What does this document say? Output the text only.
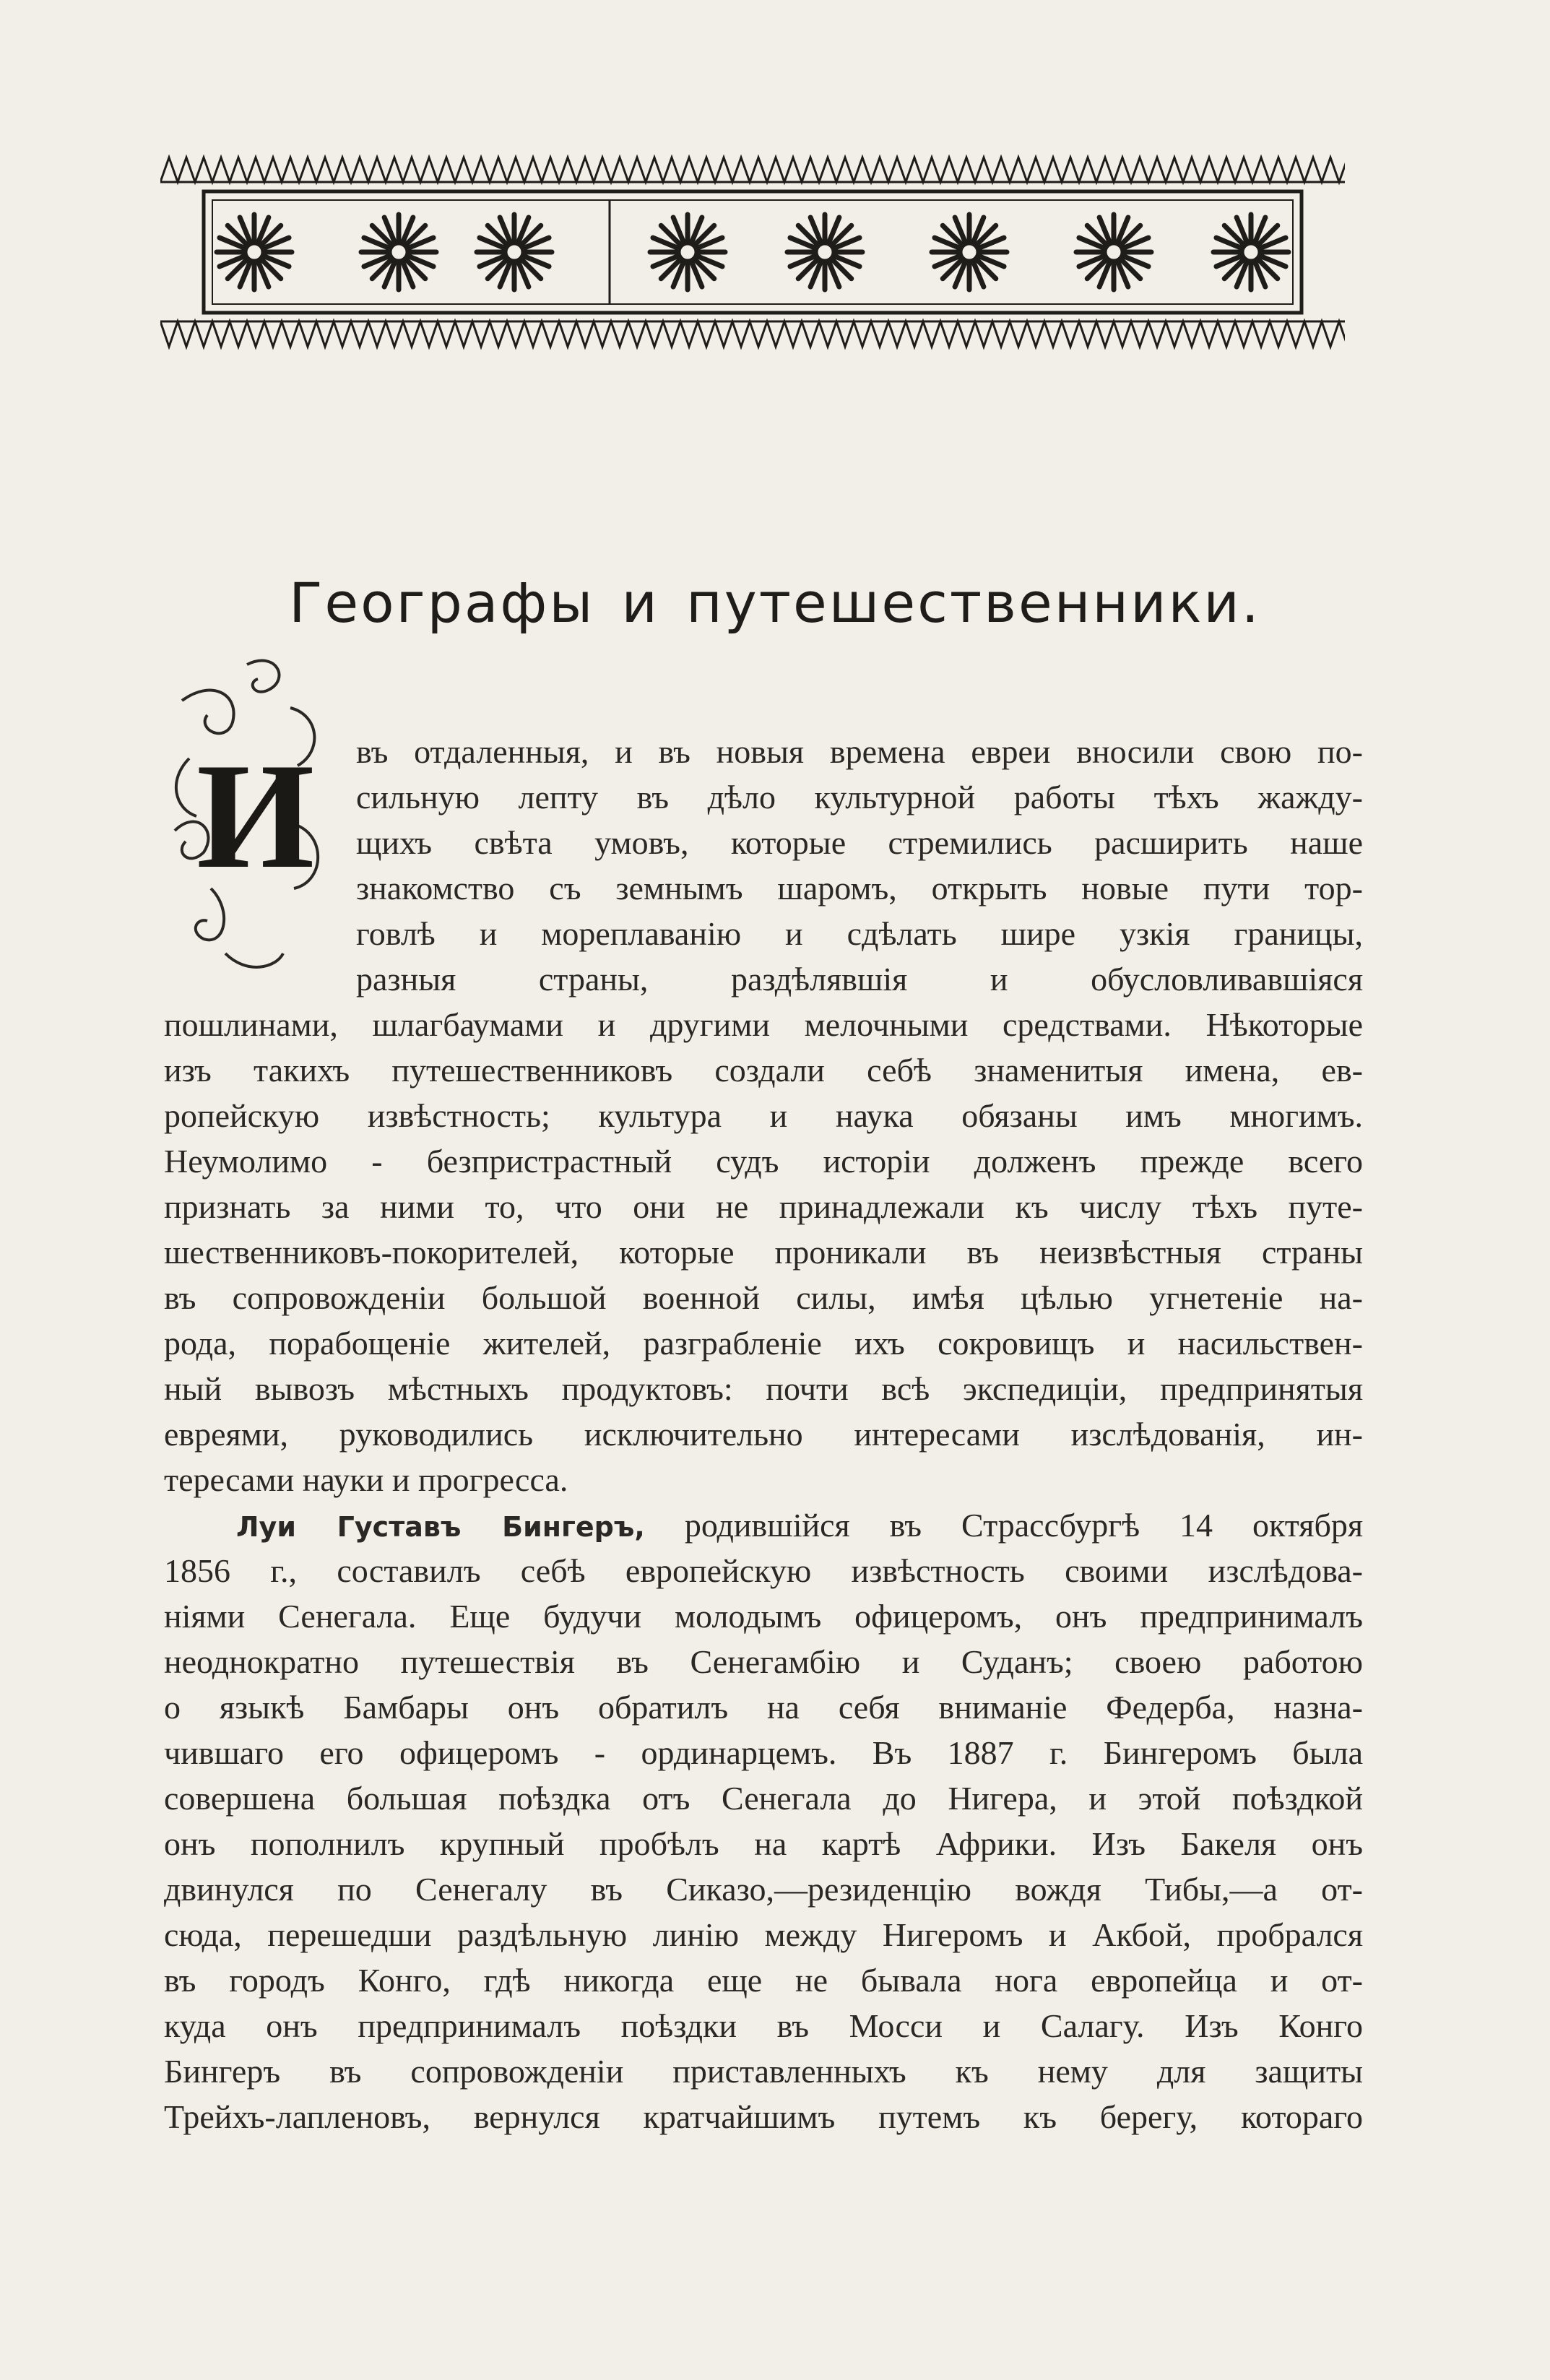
Географы и путешественники.
И въ отдаленныя, и въ новыя времена евреи вносили свою по-
сильную лепту въ дѣло культурной работы тѣхъ жажду-
щихъ свѣта умовъ, которые стремились расширить наше
знакомство съ земнымъ шаромъ, открыть новые пути тор-
говлѣ и мореплаванію и сдѣлать шире узкія границы,
разныя страны, раздѣлявшія и обусловливавшіяся
пошлинами, шлагбаумами и другими мелочными средствами. Нѣкоторые
изъ такихъ путешественниковъ создали себѣ знаменитыя имена, ев-
ропейскую извѣстность; культура и наука обязаны имъ многимъ.
Неумолимо - безпристрастный судъ исторіи долженъ прежде всего
признать за ними то, что они не принадлежали къ числу тѣхъ путе-
шественниковъ-покорителей, которые проникали въ неизвѣстныя страны
въ сопровожденіи большой военной силы, имѣя цѣлью угнетеніе на-
рода, порабощеніе жителей, разграбленіе ихъ сокровищъ и насильствен-
ный вывозъ мѣстныхъ продуктовъ: почти всѣ экспедиціи, предпринятыя
евреями, руководились исключительно интересами изслѣдованія, ин-
тересами науки и прогресса.
Луи Густавъ Бингеръ, родившійся въ Страссбургѣ 14 октября
1856 г., составилъ себѣ европейскую извѣстность своими изслѣдова-
ніями Сенегала. Еще будучи молодымъ офицеромъ, онъ предпринималъ
неоднократно путешествія въ Сенегамбію и Суданъ; своею работою
о языкѣ Бамбары онъ обратилъ на себя вниманіе Федерба, назна-
чившаго его офицеромъ - ординарцемъ. Въ 1887 г. Бингеромъ была
совершена большая поѣздка отъ Сенегала до Нигера, и этой поѣздкой
онъ пополнилъ крупный пробѣлъ на картѣ Африки. Изъ Бакеля онъ
двинулся по Сенегалу въ Сиказо,—резиденцію вождя Тибы,—а от-
сюда, перешедши раздѣльную линію между Нигеромъ и Акбой, пробрался
въ городъ Конго, гдѣ никогда еще не бывала нога европейца и от-
куда онъ предпринималъ поѣздки въ Мосси и Салагу. Изъ Конго
Бингеръ въ сопровожденіи приставленныхъ къ нему для защиты
Трейхъ-лапленовъ, вернулся кратчайшимъ путемъ къ берегу, котораго
